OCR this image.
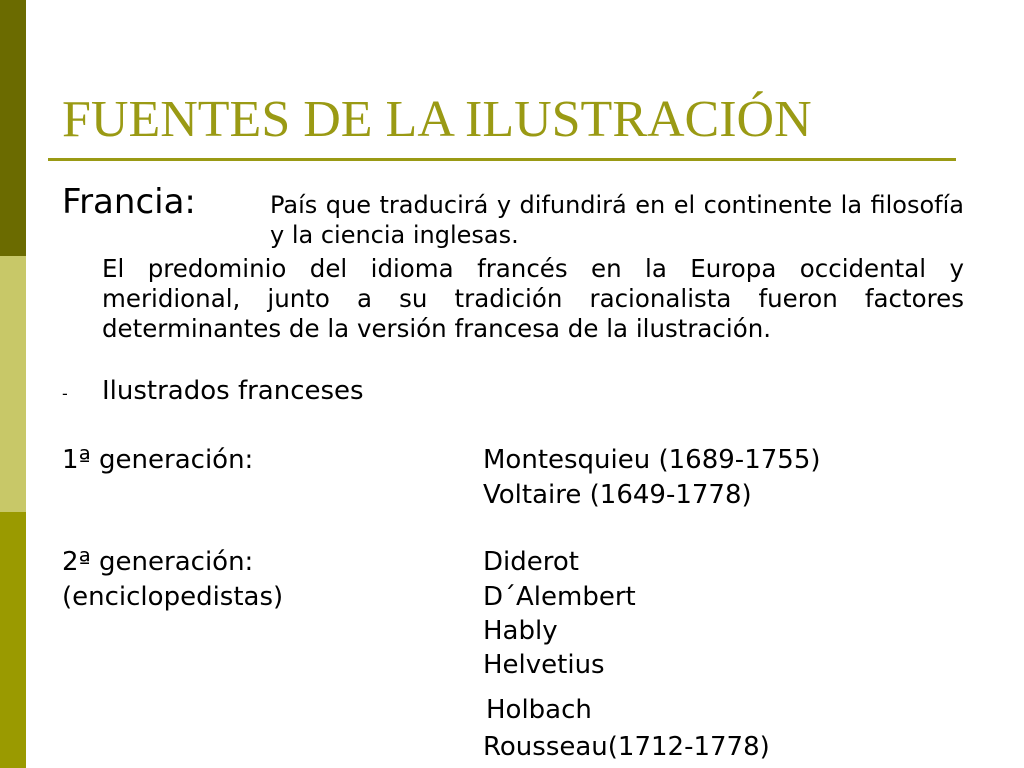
FUENTES DE LA ILUSTRACIÓN
Francia:	País que traducirá y difundirá en el continente la filosofía y la ciencia inglesas.
El predominio del idioma francés en la Europa occidental y meridional, junto a su tradición racionalista fueron factores determinantes de la versión francesa de la ilustración.
- Ilustrados franceses
1ª generación:	Montesquieu (1689-1755)
Voltaire (1649-1778)
2ª generación:
(enciclopedistas)
Diderot
D´Alembert
Hably
Helvetius
Holbach
Rousseau(1712-1778)
